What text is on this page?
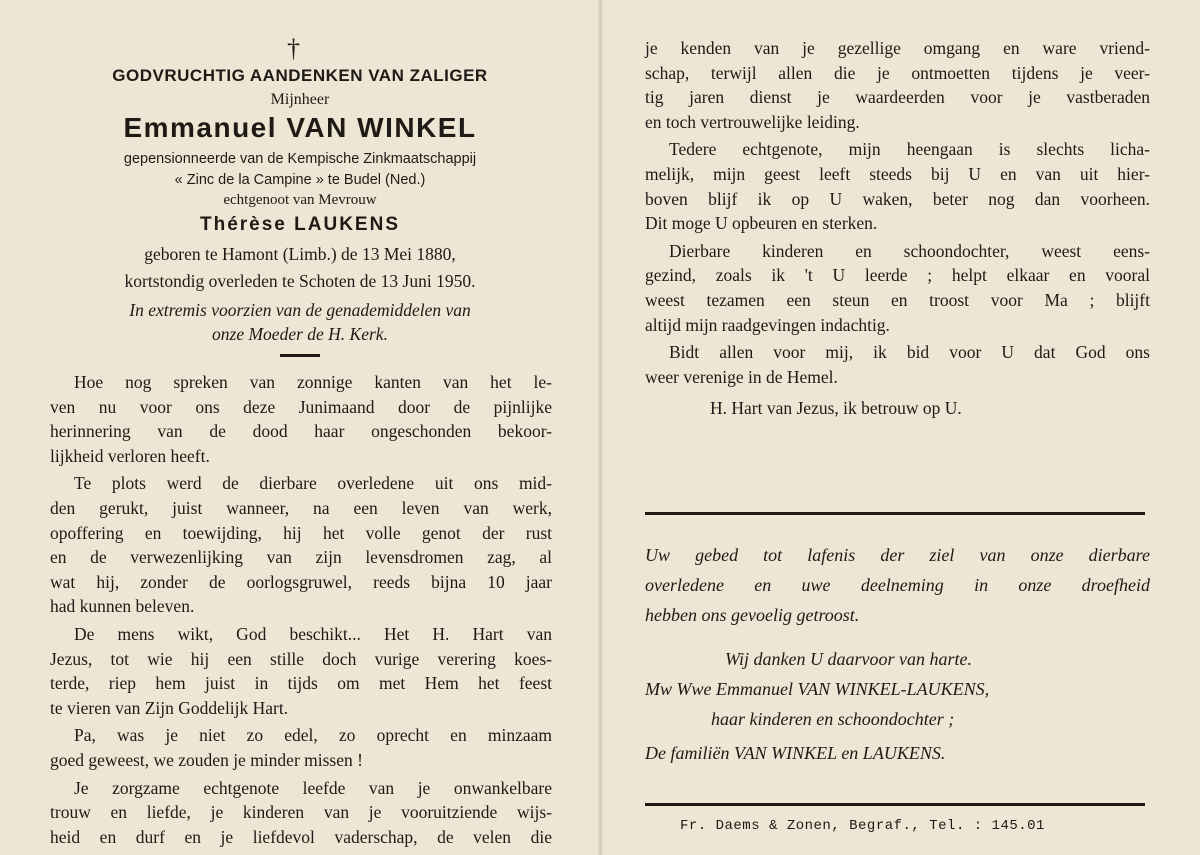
†
GODVRUCHTIG AANDENKEN VAN ZALIGER
Mijnheer
Emmanuel VAN WINKEL
gepensionneerde van de Kempische Zinkmaatschappij
« Zinc de la Campine » te Budel (Ned.)
echtgenoot van Mevrouw
Thérèse LAUKENS
geboren te Hamont (Limb.) de 13 Mei 1880,
kortstondig overleden te Schoten de 13 Juni 1950.
In extremis voorzien van de genademiddelen van
onze Moeder de H. Kerk.
Hoe nog spreken van zonnige kanten van het le-
ven nu voor ons deze Junimaand door de pijnlijke
herinnering van de dood haar ongeschonden bekoor-
lijkheid verloren heeft.
Te plots werd de dierbare overledene uit ons mid-
den gerukt, juist wanneer, na een leven van werk,
opoffering en toewijding, hij het volle genot der rust
en de verwezenlijking van zijn levensdromen zag, al
wat hij, zonder de oorlogsgruwel, reeds bijna 10 jaar
had kunnen beleven.
De mens wikt, God beschikt... Het H. Hart van
Jezus, tot wie hij een stille doch vurige verering koes-
terde, riep hem juist in tijds om met Hem het feest
te vieren van Zijn Goddelijk Hart.
Pa, was je niet zo edel, zo oprecht en minzaam
goed geweest, we zouden je minder missen !
Je zorgzame echtgenote leefde van je onwankelbare
trouw en liefde, je kinderen van je vooruitziende wijs-
heid en durf en je liefdevol vaderschap, de velen die
je kenden van je gezellige omgang en ware vriend-
schap, terwijl allen die je ontmoetten tijdens je veer-
tig jaren dienst je waardeerden voor je vastberaden
en toch vertrouwelijke leiding.
Tedere echtgenote, mijn heengaan is slechts licha-
melijk, mijn geest leeft steeds bij U en van uit hier-
boven blijf ik op U waken, beter nog dan voorheen.
Dit moge U opbeuren en sterken.
Dierbare kinderen en schoondochter, weest eens-
gezind, zoals ik 't U leerde ; helpt elkaar en vooral
weest tezamen een steun en troost voor Ma ; blijft
altijd mijn raadgevingen indachtig.
Bidt allen voor mij, ik bid voor U dat God ons
weer verenige in de Hemel.
H. Hart van Jezus, ik betrouw op U.
Uw gebed tot lafenis der ziel van onze dierbare
overledene en uwe deelneming in onze droefheid
hebben ons gevoelig getroost.
Wij danken U daarvoor van harte.
Mw Wwe Emmanuel VAN WINKEL-LAUKENS,
haar kinderen en schoondochter ;
De familiën VAN WINKEL en LAUKENS.
Fr. Daems & Zonen, Begraf., Tel. : 145.01
